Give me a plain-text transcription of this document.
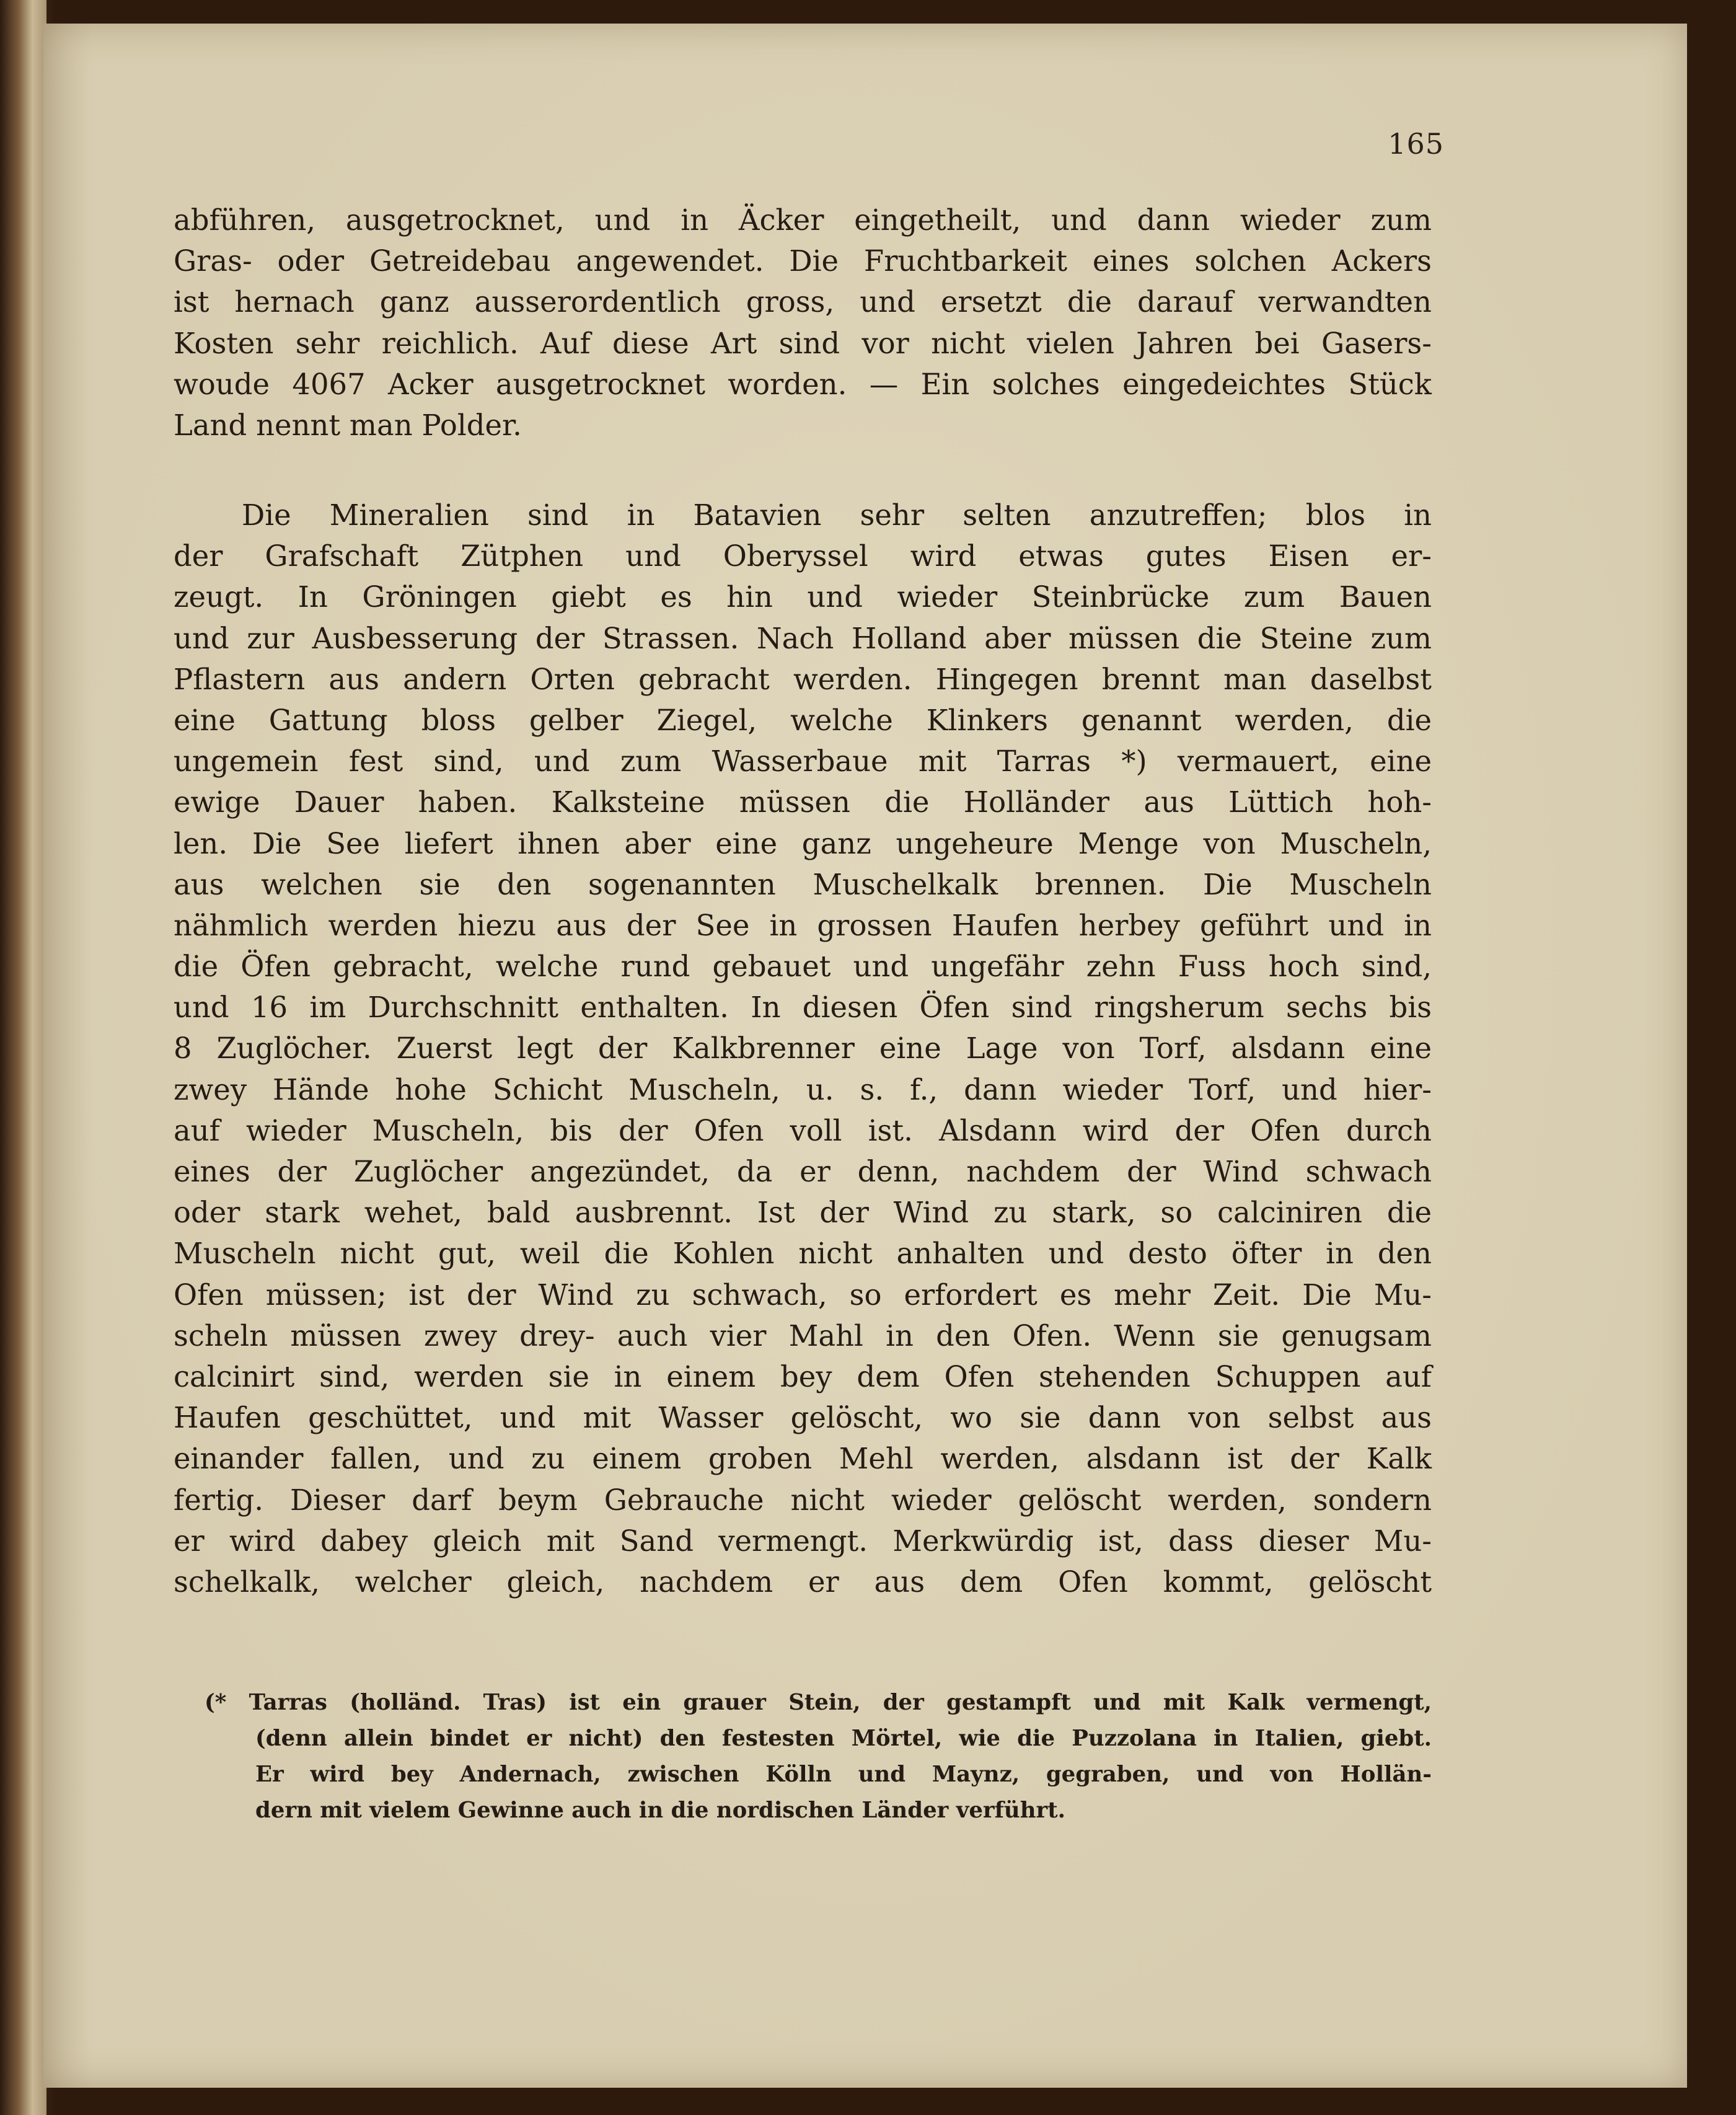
165
abführen, ausgetrocknet, und in Äcker eingetheilt, und dann wieder zum
Gras- oder Getreidebau angewendet. Die Fruchtbarkeit eines solchen Ackers
ist hernach ganz ausserordentlich gross, und ersetzt die darauf verwandten
Kosten sehr reichlich. Auf diese Art sind vor nicht vielen Jahren bei Gasers-
woude 4067 Acker ausgetrocknet worden. — Ein solches eingedeichtes Stück
Land nennt man Polder.
Die Mineralien sind in Batavien sehr selten anzutreffen; blos in
der Grafschaft Zütphen und Oberyssel wird etwas gutes Eisen er-
zeugt. In Gröningen giebt es hin und wieder Steinbrücke zum Bauen
und zur Ausbesserung der Strassen. Nach Holland aber müssen die Steine zum
Pflastern aus andern Orten gebracht werden. Hingegen brennt man daselbst
eine Gattung bloss gelber Ziegel, welche Klinkers genannt werden, die
ungemein fest sind, und zum Wasserbaue mit Tarras *) vermauert, eine
ewige Dauer haben. Kalksteine müssen die Holländer aus Lüttich hoh-
len. Die See liefert ihnen aber eine ganz ungeheure Menge von Muscheln,
aus welchen sie den sogenannten Muschelkalk brennen. Die Muscheln
nähmlich werden hiezu aus der See in grossen Haufen herbey geführt und in
die Öfen gebracht, welche rund gebauet und ungefähr zehn Fuss hoch sind,
und 16 im Durchschnitt enthalten. In diesen Öfen sind ringsherum sechs bis
8 Zuglöcher. Zuerst legt der Kalkbrenner eine Lage von Torf, alsdann eine
zwey Hände hohe Schicht Muscheln, u. s. f., dann wieder Torf, und hier-
auf wieder Muscheln, bis der Ofen voll ist. Alsdann wird der Ofen durch
eines der Zuglöcher angezündet, da er denn, nachdem der Wind schwach
oder stark wehet, bald ausbrennt. Ist der Wind zu stark, so calciniren die
Muscheln nicht gut, weil die Kohlen nicht anhalten und desto öfter in den
Ofen müssen; ist der Wind zu schwach, so erfordert es mehr Zeit. Die Mu-
scheln müssen zwey drey- auch vier Mahl in den Ofen. Wenn sie genugsam
calcinirt sind, werden sie in einem bey dem Ofen stehenden Schuppen auf
Haufen geschüttet, und mit Wasser gelöscht, wo sie dann von selbst aus
einander fallen, und zu einem groben Mehl werden, alsdann ist der Kalk
fertig. Dieser darf beym Gebrauche nicht wieder gelöscht werden, sondern
er wird dabey gleich mit Sand vermengt. Merkwürdig ist, dass dieser Mu-
schelkalk, welcher gleich, nachdem er aus dem Ofen kommt, gelöscht
(* Tarras (holländ. Tras) ist ein grauer Stein, der gestampft und mit Kalk vermengt,
(denn allein bindet er nicht) den festesten Mörtel, wie die Puzzolana in Italien, giebt.
Er wird bey Andernach, zwischen Kölln und Maynz, gegraben, und von Hollän-
dern mit vielem Gewinne auch in die nordischen Länder verführt.
